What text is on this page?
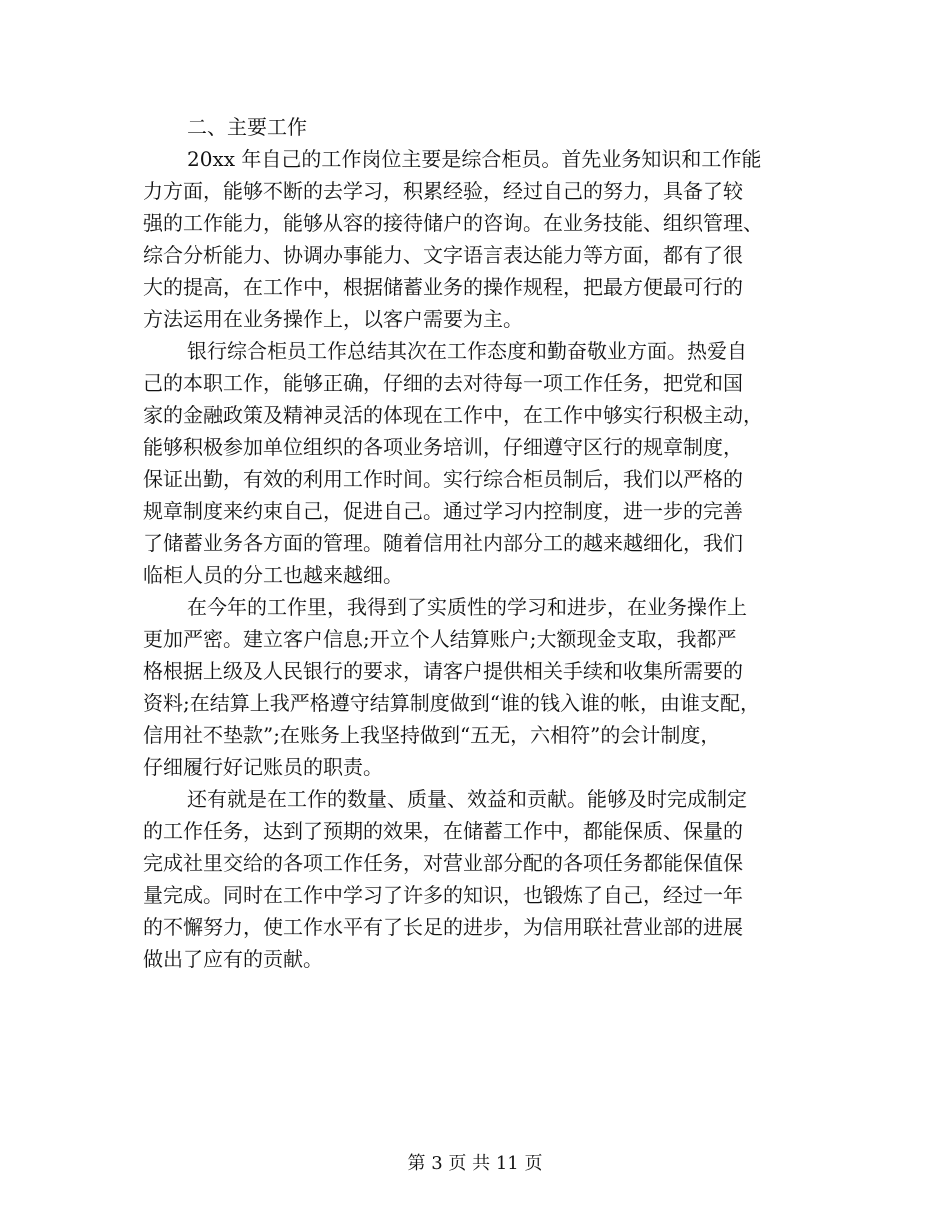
二、主要工作
20xx 年自己的工作岗位主要是综合柜员。首先业务知识和工作能
力方面，能够不断的去学习，积累经验，经过自己的努力，具备了较
强的工作能力，能够从容的接待储户的咨询。在业务技能、组织管理、
综合分析能力、协调办事能力、文字语言表达能力等方面，都有了很
大的提高，在工作中，根据储蓄业务的操作规程，把最方便最可行的
方法运用在业务操作上，以客户需要为主。
银行综合柜员工作总结其次在工作态度和勤奋敬业方面。热爱自
己的本职工作，能够正确，仔细的去对待每一项工作任务，把党和国
家的金融政策及精神灵活的体现在工作中，在工作中够实行积极主动，
能够积极参加单位组织的各项业务培训，仔细遵守区行的规章制度，
保证出勤，有效的利用工作时间。实行综合柜员制后，我们以严格的
规章制度来约束自己，促进自己。通过学习内控制度，进一步的完善
了储蓄业务各方面的管理。随着信用社内部分工的越来越细化，我们
临柜人员的分工也越来越细。
在今年的工作里，我得到了实质性的学习和进步，在业务操作上
更加严密。建立客户信息;开立个人结算账户;大额现金支取，我都严
格根据上级及人民银行的要求，请客户提供相关手续和收集所需要的
资料;在结算上我严格遵守结算制度做到“谁的钱入谁的帐，由谁支配，
信用社不垫款”;在账务上我坚持做到“五无，六相符”的会计制度，
仔细履行好记账员的职责。
还有就是在工作的数量、质量、效益和贡献。能够及时完成制定
的工作任务，达到了预期的效果，在储蓄工作中，都能保质、保量的
完成社里交给的各项工作任务，对营业部分配的各项任务都能保值保
量完成。同时在工作中学习了许多的知识，也锻炼了自己，经过一年
的不懈努力，使工作水平有了长足的进步，为信用联社营业部的进展
做出了应有的贡献。
第 3 页 共 11 页
